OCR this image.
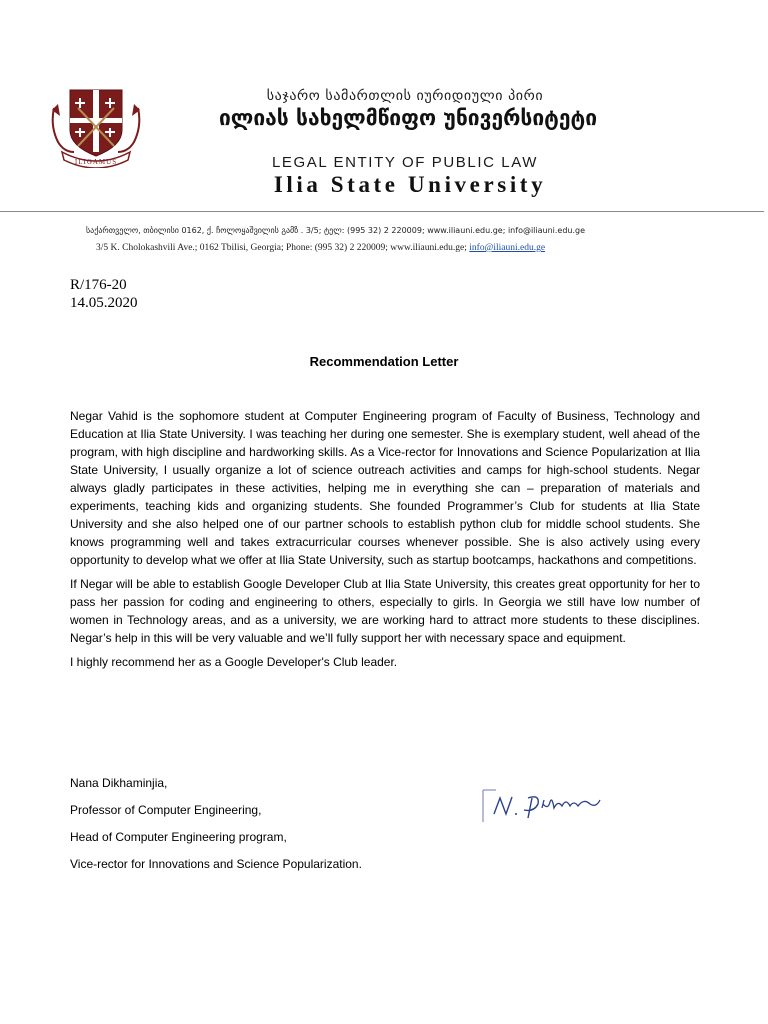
ILIGAMUS
საჯარო სამართლის იურიდიული პირი
ილიას სახელმწიფო უნივერსიტეტი
LEGAL ENTITY OF PUBLIC LAW
Ilia State University
საქართველო, თბილისი 0162, ქ. ჩოლოყაშვილის გამზ . 3/5; ტელ: (995 32) 2 220009; www.iliauni.edu.ge; info@iliauni.edu.ge
3/5 K. Cholokashvili Ave.; 0162 Tbilisi, Georgia; Phone: (995 32) 2 220009; www.iliauni.edu.ge; info@iliauni.edu.ge
R/176-20
14.05.2020
Recommendation Letter

Negar Vahid is the sophomore student at Computer Engineering program of Faculty of Business, Technology and Education at Ilia State University. I was teaching her during one semester. She is exemplary student, well ahead of the program, with high discipline and hardworking skills. As a Vice-rector for Innovations and Science Popularization at Ilia State University, I usually organize a lot of science outreach activities and camps for high-school students. Negar always gladly participates in these activities, helping me in everything she can – preparation of materials and experiments, teaching kids and organizing students. She founded Programmer’s Club for students at Ilia State University and she also helped one of our partner schools to establish python club for middle school students. She knows programming well and takes extracurricular courses whenever possible. She is also actively using every opportunity to develop what we offer at Ilia State University, such as startup bootcamps, hackathons and competitions.

If Negar will be able to establish Google Developer Club at Ilia State University, this creates great opportunity for her to pass her passion for coding and engineering to others, especially to girls. In Georgia we still have low number of women in Technology areas, and as a university, we are working hard to attract more students to these disciplines. Negar’s help in this will be very valuable and we’ll fully support her with necessary space and equipment.

I highly recommend her as a Google Developer's Club leader.

Nana Dikhaminjia,
Professor of Computer Engineering,
Head of Computer Engineering program,
Vice-rector for Innovations and Science Popularization.
